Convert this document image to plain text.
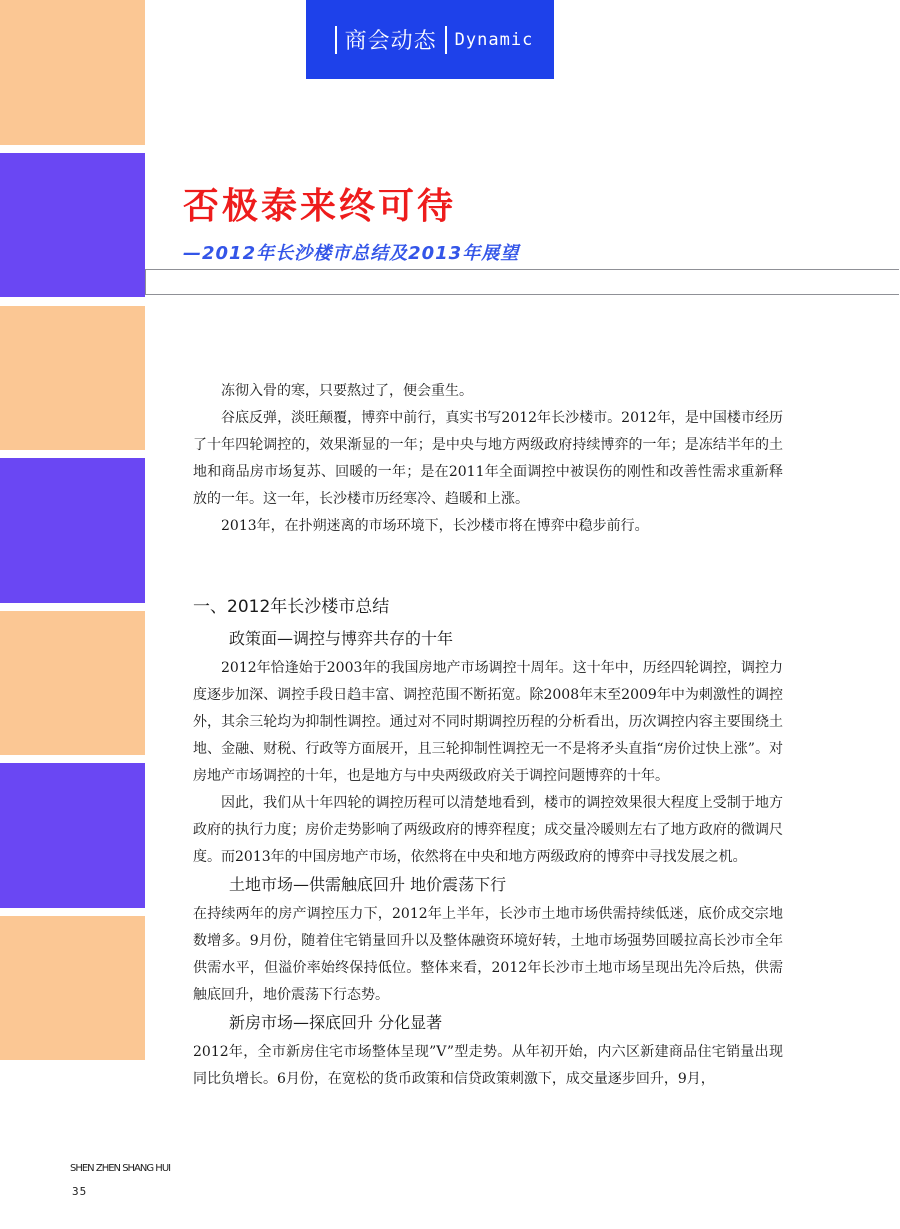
商会动态 Dynamic
否极泰来终可待
—2012年长沙楼市总结及2013年展望

冻彻入骨的寒，只要熬过了，便会重生。

谷底反弹，淡旺颠覆，博弈中前行，真实书写2012年长沙楼市。2012年，是中国楼市经历了十年四轮调控的，效果渐显的一年；是中央与地方两级政府持续博弈的一年；是冻结半年的土地和商品房市场复苏、回暖的一年；是在2011年全面调控中被误伤的刚性和改善性需求重新释放的一年。这一年，长沙楼市历经寒冷、趋暖和上涨。

2013年，在扑朔迷离的市场环境下，长沙楼市将在博弈中稳步前行。

一、2012年长沙楼市总结
政策面—调控与博弈共存的十年

2012年恰逢始于2003年的我国房地产市场调控十周年。这十年中，历经四轮调控，调控力度逐步加深、调控手段日趋丰富、调控范围不断拓宽。除2008年末至2009年中为刺激性的调控外，其余三轮均为抑制性调控。通过对不同时期调控历程的分析看出，历次调控内容主要围绕土地、金融、财税、行政等方面展开，且三轮抑制性调控无一不是将矛头直指“房价过快上涨”。对房地产市场调控的十年，也是地方与中央两级政府关于调控问题博弈的十年。

因此，我们从十年四轮的调控历程可以清楚地看到，楼市的调控效果很大程度上受制于地方政府的执行力度；房价走势影响了两级政府的博弈程度；成交量冷暖则左右了地方政府的微调尺度。而2013年的中国房地产市场，依然将在中央和地方两级政府的博弈中寻找发展之机。

土地市场—供需触底回升 地价震荡下行

在持续两年的房产调控压力下，2012年上半年，长沙市土地市场供需持续低迷，底价成交宗地数增多。9月份，随着住宅销量回升以及整体融资环境好转，土地市场强势回暖拉高长沙市全年供需水平，但溢价率始终保持低位。整体来看，2012年长沙市土地市场呈现出先冷后热，供需触底回升，地价震荡下行态势。

新房市场—探底回升 分化显著

2012年，全市新房住宅市场整体呈现”V”型走势。从年初开始，内六区新建商品住宅销量出现同比负增长。6月份，在宽松的货币政策和信贷政策刺激下，成交量逐步回升，9月，

SHEN ZHEN SHANG HUI
35
